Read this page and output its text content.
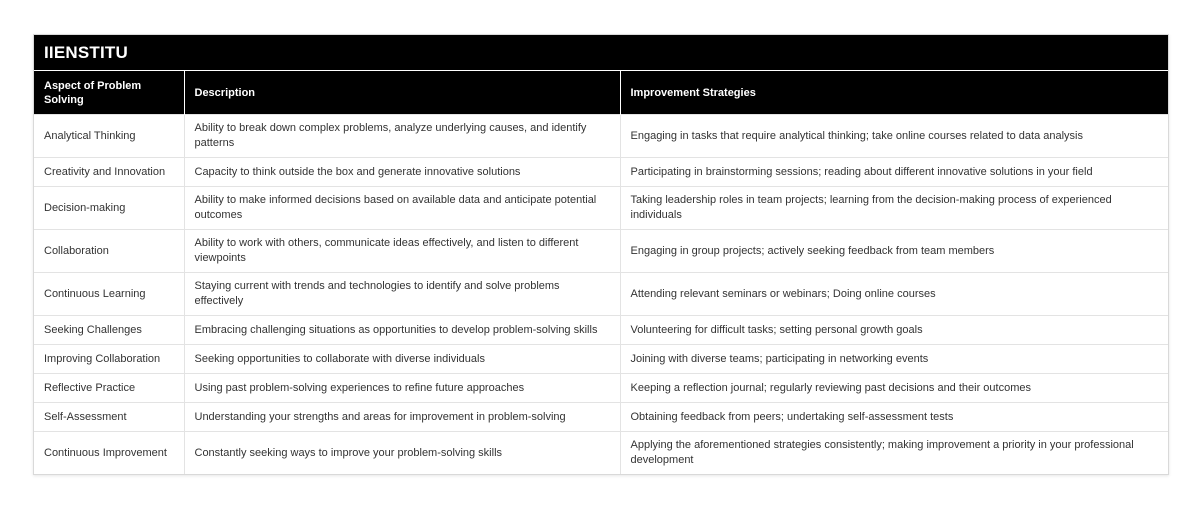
IIENSTITU
Aspect of Problem Solving	Description	Improvement Strategies
Analytical Thinking	Ability to break down complex problems, analyze underlying causes, and identify patterns	Engaging in tasks that require analytical thinking; take online courses related to data analysis
Creativity and Innovation	Capacity to think outside the box and generate innovative solutions	Participating in brainstorming sessions; reading about different innovative solutions in your field
Decision-making	Ability to make informed decisions based on available data and anticipate potential outcomes	Taking leadership roles in team projects; learning from the decision-making process of experienced individuals
Collaboration	Ability to work with others, communicate ideas effectively, and listen to different viewpoints	Engaging in group projects; actively seeking feedback from team members
Continuous Learning	Staying current with trends and technologies to identify and solve problems effectively	Attending relevant seminars or webinars; Doing online courses
Seeking Challenges	Embracing challenging situations as opportunities to develop problem-solving skills	Volunteering for difficult tasks; setting personal growth goals
Improving Collaboration	Seeking opportunities to collaborate with diverse individuals	Joining with diverse teams; participating in networking events
Reflective Practice	Using past problem-solving experiences to refine future approaches	Keeping a reflection journal; regularly reviewing past decisions and their outcomes
Self-Assessment	Understanding your strengths and areas for improvement in problem-solving	Obtaining feedback from peers; undertaking self-assessment tests
Continuous Improvement	Constantly seeking ways to improve your problem-solving skills	Applying the aforementioned strategies consistently; making improvement a priority in your professional development
